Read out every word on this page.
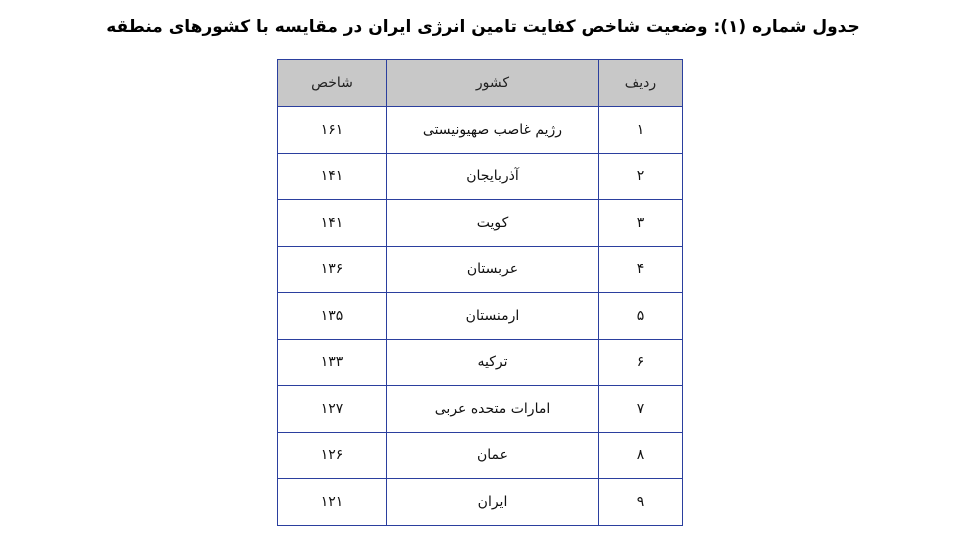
جدول شماره (۱): وضعیت شاخص کفایت تامین انرژی ایران در مقایسه با کشورهای منطقه
ردیف	کشور	شاخص
۱	رژیم غاصب صهیونیستی	۱۶۱
۲	آذربایجان	۱۴۱
۳	کویت	۱۴۱
۴	عربستان	۱۳۶
۵	ارمنستان	۱۳۵
۶	ترکیه	۱۳۳
۷	امارات متحده عربی	۱۲۷
۸	عمان	۱۲۶
۹	ایران	۱۲۱
